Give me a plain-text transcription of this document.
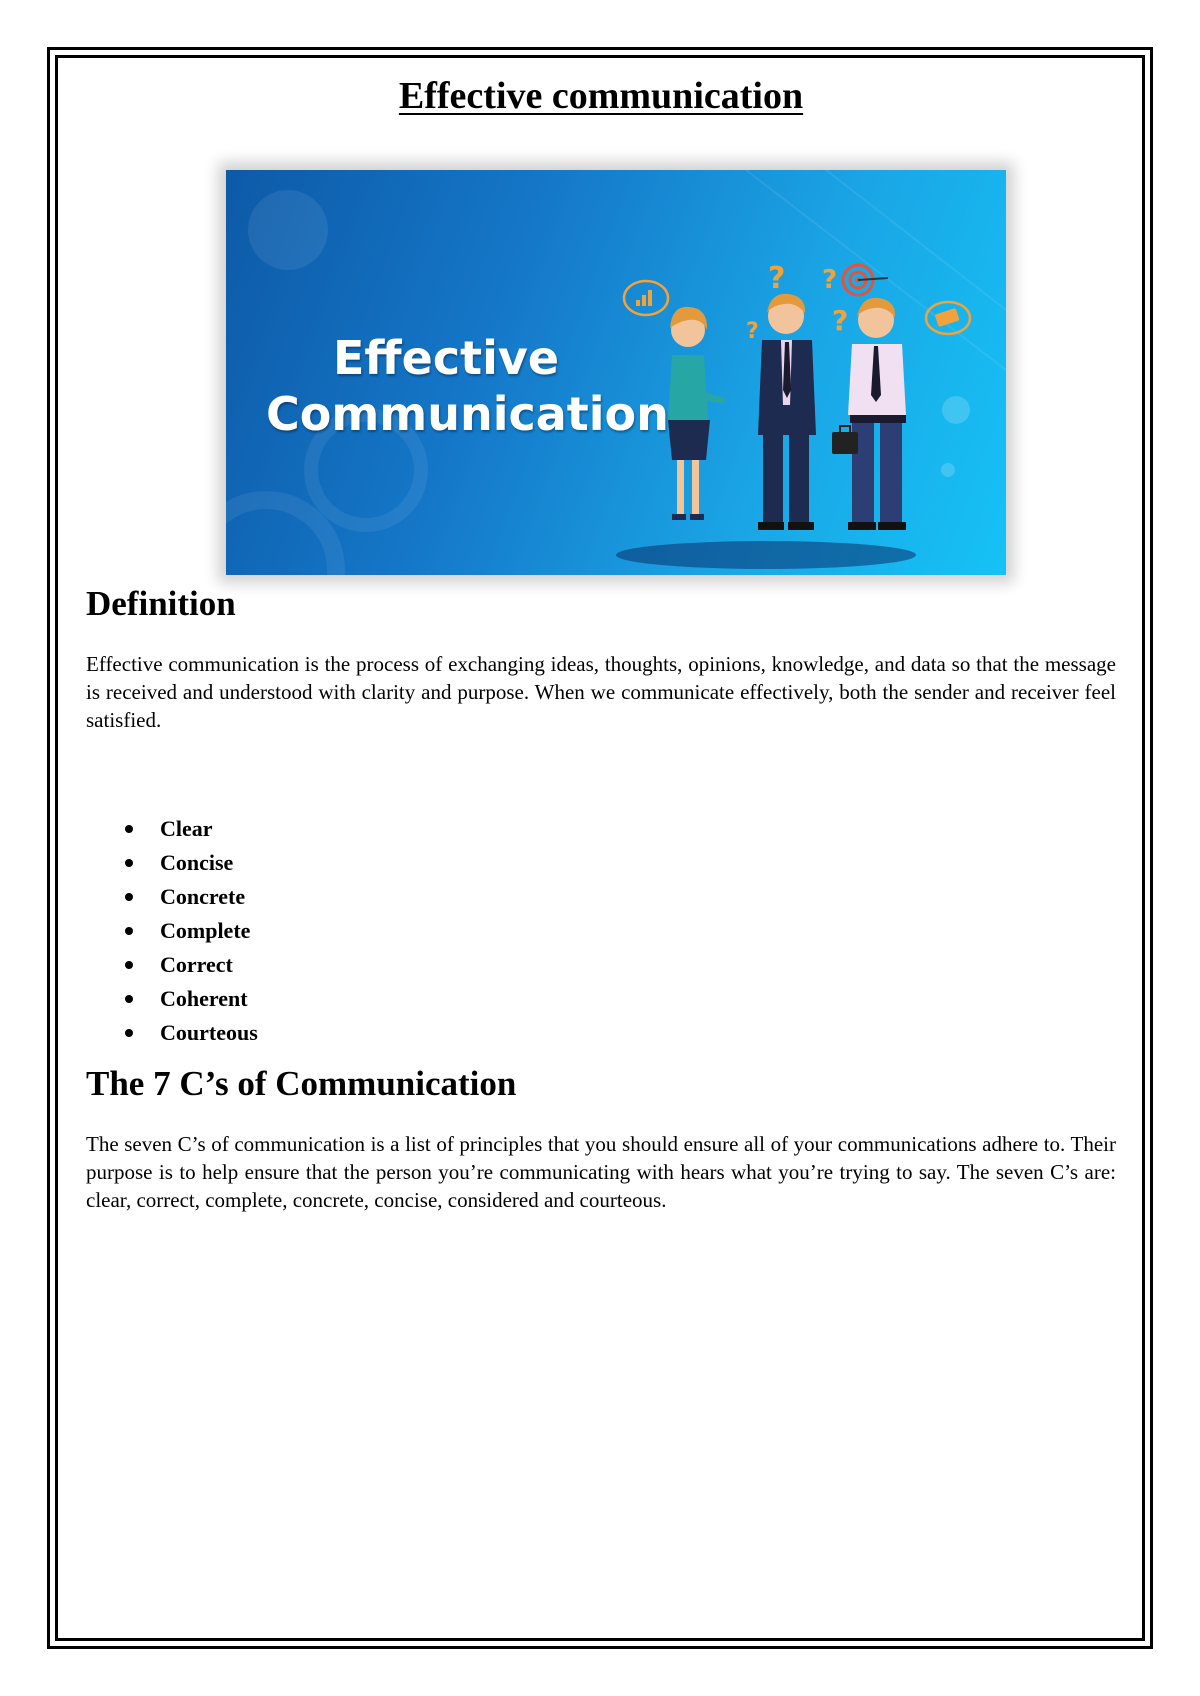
Effective communication
? ?
?	?
Effective
Communication
Definition

Effective communication is the process of exchanging ideas, thoughts, opinions, knowledge, and data so that the message is received and understood with clarity and purpose. When we communicate effectively, both the sender and receiver feel satisfied.

Clear
Concise
Concrete
Complete
Correct
Coherent
Courteous
The 7 C’s of Communication

The seven C’s of communication is a list of principles that you should ensure all of your communications adhere to. Their purpose is to help ensure that the person you’re communicating with hears what you’re trying to say. The seven C’s are: clear, correct, complete, concrete, concise, considered and courteous.
